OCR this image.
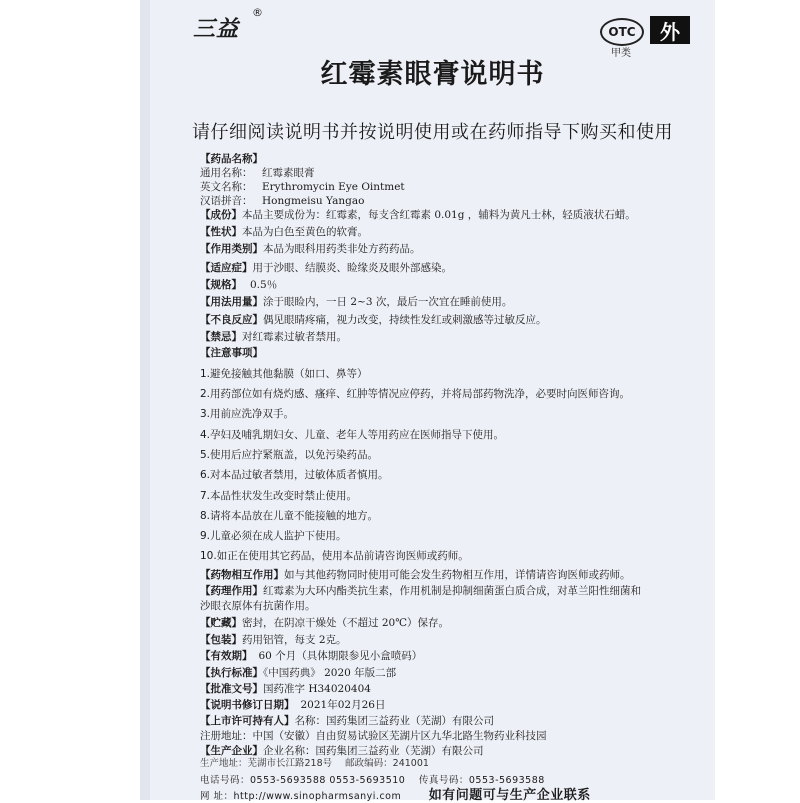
三益
®
OTC
甲类
外
红霉素眼膏说明书
请仔细阅读说明书并按说明使用或在药师指导下购买和使用
【药品名称】
通用名称： 红霉素眼膏
英文名称： Erythromycin Eye Ointmet
汉语拼音： Hongmeisu Yangao
【成份】本品主要成份为：红霉素，每支含红霉素 0.01g ，辅料为黄凡士林，轻质液状石蜡。
【性状】本品为白色至黄色的软膏。
【作用类别】本品为眼科用药类非处方药药品。
【适应症】用于沙眼、结膜炎、睑缘炎及眼外部感染。
【规格】 0.5％
【用法用量】涂于眼睑内，一日 2~3 次，最后一次宜在睡前使用。
【不良反应】偶见眼睛疼痛，视力改变，持续性发红或刺激感等过敏反应。
【禁忌】对红霉素过敏者禁用。
【注意事项】
1.避免接触其他黏膜（如口、鼻等）
2.用药部位如有烧灼感、瘙痒、红肿等情况应停药，并将局部药物洗净，必要时向医师咨询。
3.用前应洗净双手。
4.孕妇及哺乳期妇女、儿童、老年人等用药应在医师指导下使用。
5.使用后应拧紧瓶盖，以免污染药品。
6.对本品过敏者禁用，过敏体质者慎用。
7.本品性状发生改变时禁止使用。
8.请将本品放在儿童不能接触的地方。
9.儿童必须在成人监护下使用。
10.如正在使用其它药品，使用本品前请咨询医师或药师。
【药物相互作用】如与其他药物同时使用可能会发生药物相互作用，详情请咨询医师或药师。
【药理作用】红霉素为大环内酯类抗生素，作用机制是抑制细菌蛋白质合成，对革兰阳性细菌和
沙眼衣原体有抗菌作用。
【贮藏】密封，在阴凉干燥处（不超过 20℃）保存。
【包装】药用铝管，每支 2克。
【有效期】 60 个月（具体期限参见小盒喷码）
【执行标准】《中国药典》 2020 年版二部
【批准文号】国药准字 H34020404
【说明书修订日期】 2021年02月26日
【上市许可持有人】名称：国药集团三益药业（芜湖）有限公司
注册地址：中国（安徽）自由贸易试验区芜湖片区九华北路生物药业科技园
【生产企业】企业名称：国药集团三益药业（芜湖）有限公司
生产地址：芜湖市长江路218号 邮政编码：241001
电话号码：0553-5693588 0553-5693510 传真号码：0553-5693588
网 址：http://www.sinopharmsanyi.com 如有问题可与生产企业联系
